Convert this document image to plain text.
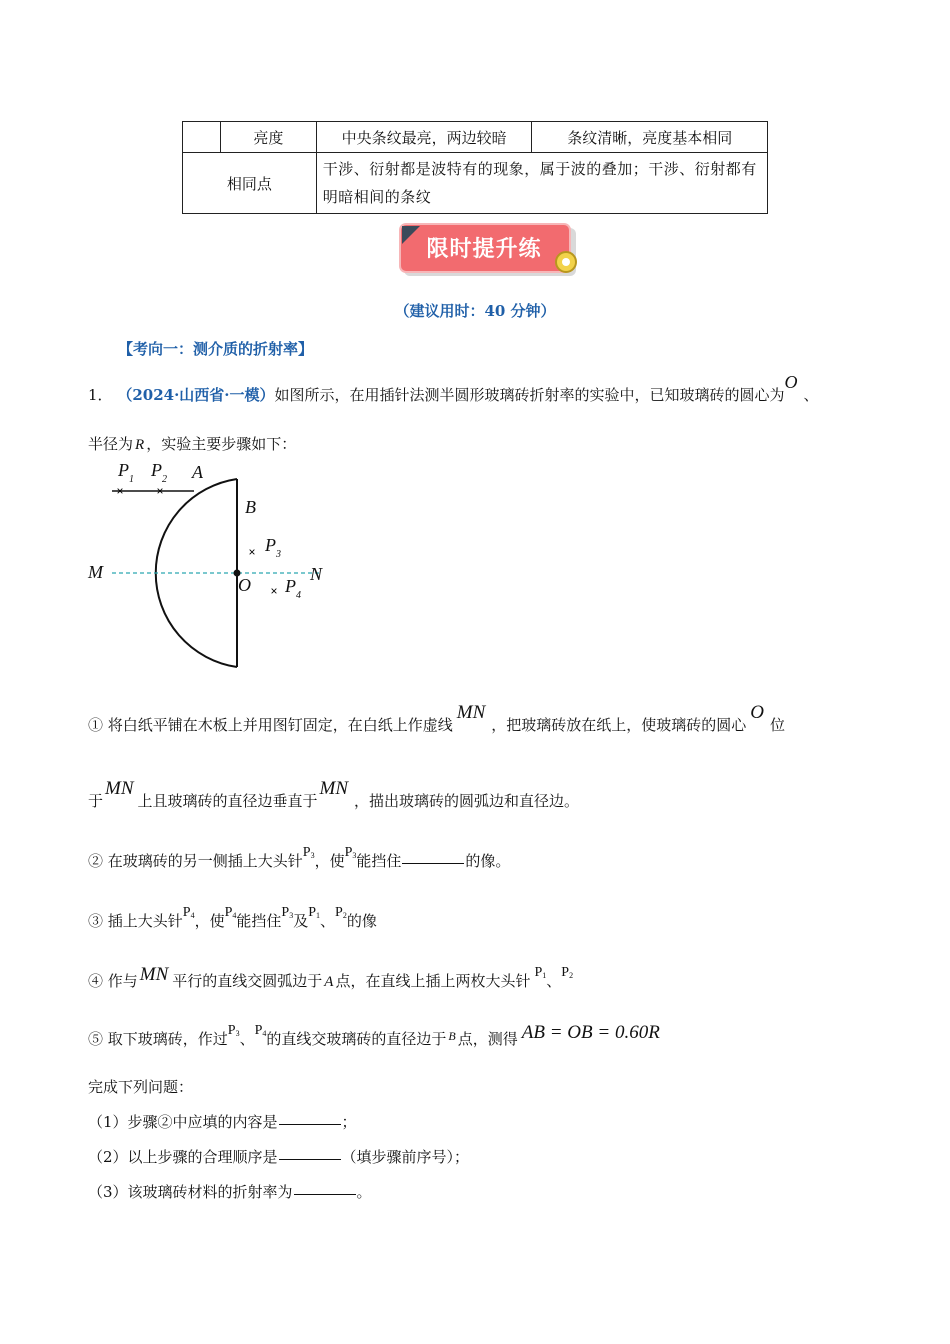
	亮度	中央条纹最亮，两边较暗	条纹清晰，亮度基本相同
相同点		干涉、衍射都是波特有的现象，属于波的叠加；干涉、衍射都有明暗相间的条纹	
限时提升练
（建议用时：40 分钟）
【考向一：测介质的折射率】
1． （2024·山西省·一模）如图所示，在用插针法测半圆形玻璃砖折射率的实验中，已知玻璃砖的圆心为O、
半径为 R ，实验主要步骤如下：
×	×
×
×
$P_1$ $P_2$ A
B
$P_3$
M	N
O $P_4$
① 将白纸平铺在木板上并用图钉固定，在白纸上作虚线MN，把玻璃砖放在纸上，使玻璃砖的圆心O位
于MN上且玻璃砖的直径边垂直于MN，描出玻璃砖的圆弧边和直径边。
② 在玻璃砖的另一侧插上大头针$P_3$，使$P_3$能挡住	的像。
③ 插上大头针$P_4$，使$P_4$能挡住$P_3$及$P_1$、$P_2$的像
④ 作与 MN 平行的直线交圆弧边于 A 点，在直线上插上两枚大头针 $P_1$、$P_2$
⑤ 取下玻璃砖，作过$P_3$、$P_4$的直线交玻璃砖的直径边于 $^B$ 点，测得 AB = OB = 0.60R
完成下列问题：
（1）步骤②中应填的内容是	；
（2）以上步骤的合理顺序是	（填步骤前序号）；
（3）该玻璃砖材料的折射率为	。
